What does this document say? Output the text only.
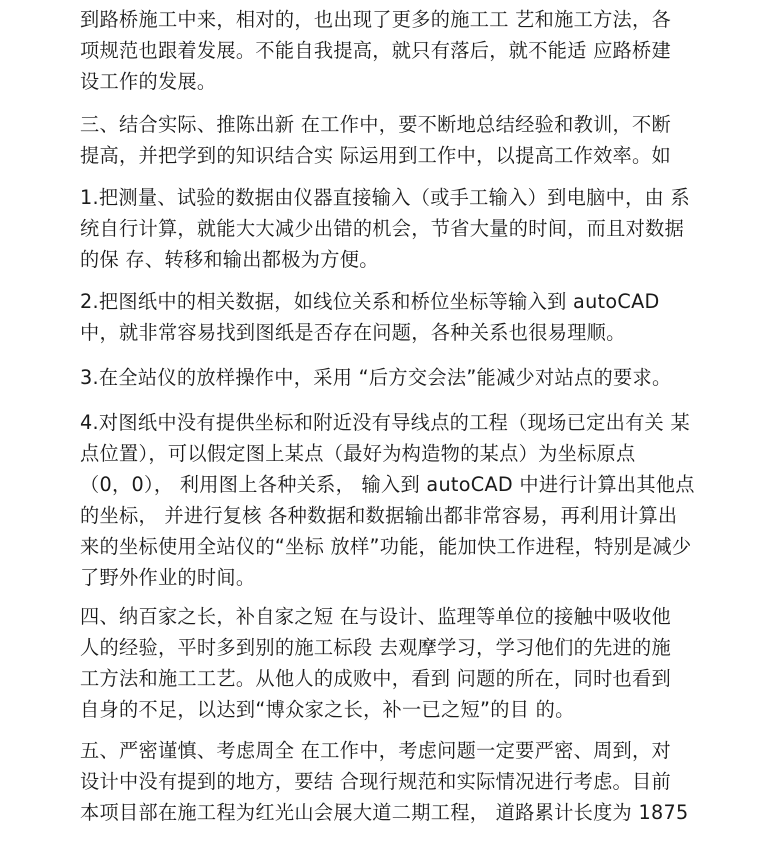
到路桥施工中来，相对的，也出现了更多的施工工 艺和施工方法，各
项规范也跟着发展。不能自我提高，就只有落后，就不能适 应路桥建
设工作的发展。
三、结合实际、推陈出新 在工作中，要不断地总结经验和教训，不断
提高，并把学到的知识结合实 际运用到工作中，以提高工作效率。如
1.把测量、试验的数据由仪器直接输入（或手工输入）到电脑中，由 系
统自行计算，就能大大减少出错的机会，节省大量的时间，而且对数据
的保 存、转移和输出都极为方便。
2.把图纸中的相关数据，如线位关系和桥位坐标等输入到 autoCAD
中，就非常容易找到图纸是否存在问题，各种关系也很易理顺。
3.在全站仪的放样操作中，采用 “后方交会法”能减少对站点的要求。
4.对图纸中没有提供坐标和附近没有导线点的工程（现场已定出有关 某
点位置），可以假定图上某点（最好为构造物的某点）为坐标原点
（0，0）， 利用图上各种关系， 输入到 autoCAD 中进行计算出其他点
的坐标， 并进行复核 各种数据和数据输出都非常容易，再利用计算出
来的坐标使用全站仪的“坐标 放样”功能，能加快工作进程，特别是减少
了野外作业的时间。
四、纳百家之长，补自家之短 在与设计、监理等单位的接触中吸收他
人的经验，平时多到别的施工标段 去观摩学习，学习他们的先进的施
工方法和施工工艺。从他人的成败中，看到 问题的所在，同时也看到
自身的不足，以达到“博众家之长，补一已之短”的目 的。
五、严密谨慎、考虑周全 在工作中，考虑问题一定要严密、周到，对
设计中没有提到的地方，要结 合现行规范和实际情况进行考虑。目前
本项目部在施工程为红光山会展大道二期工程， 道路累计长度为 1875
